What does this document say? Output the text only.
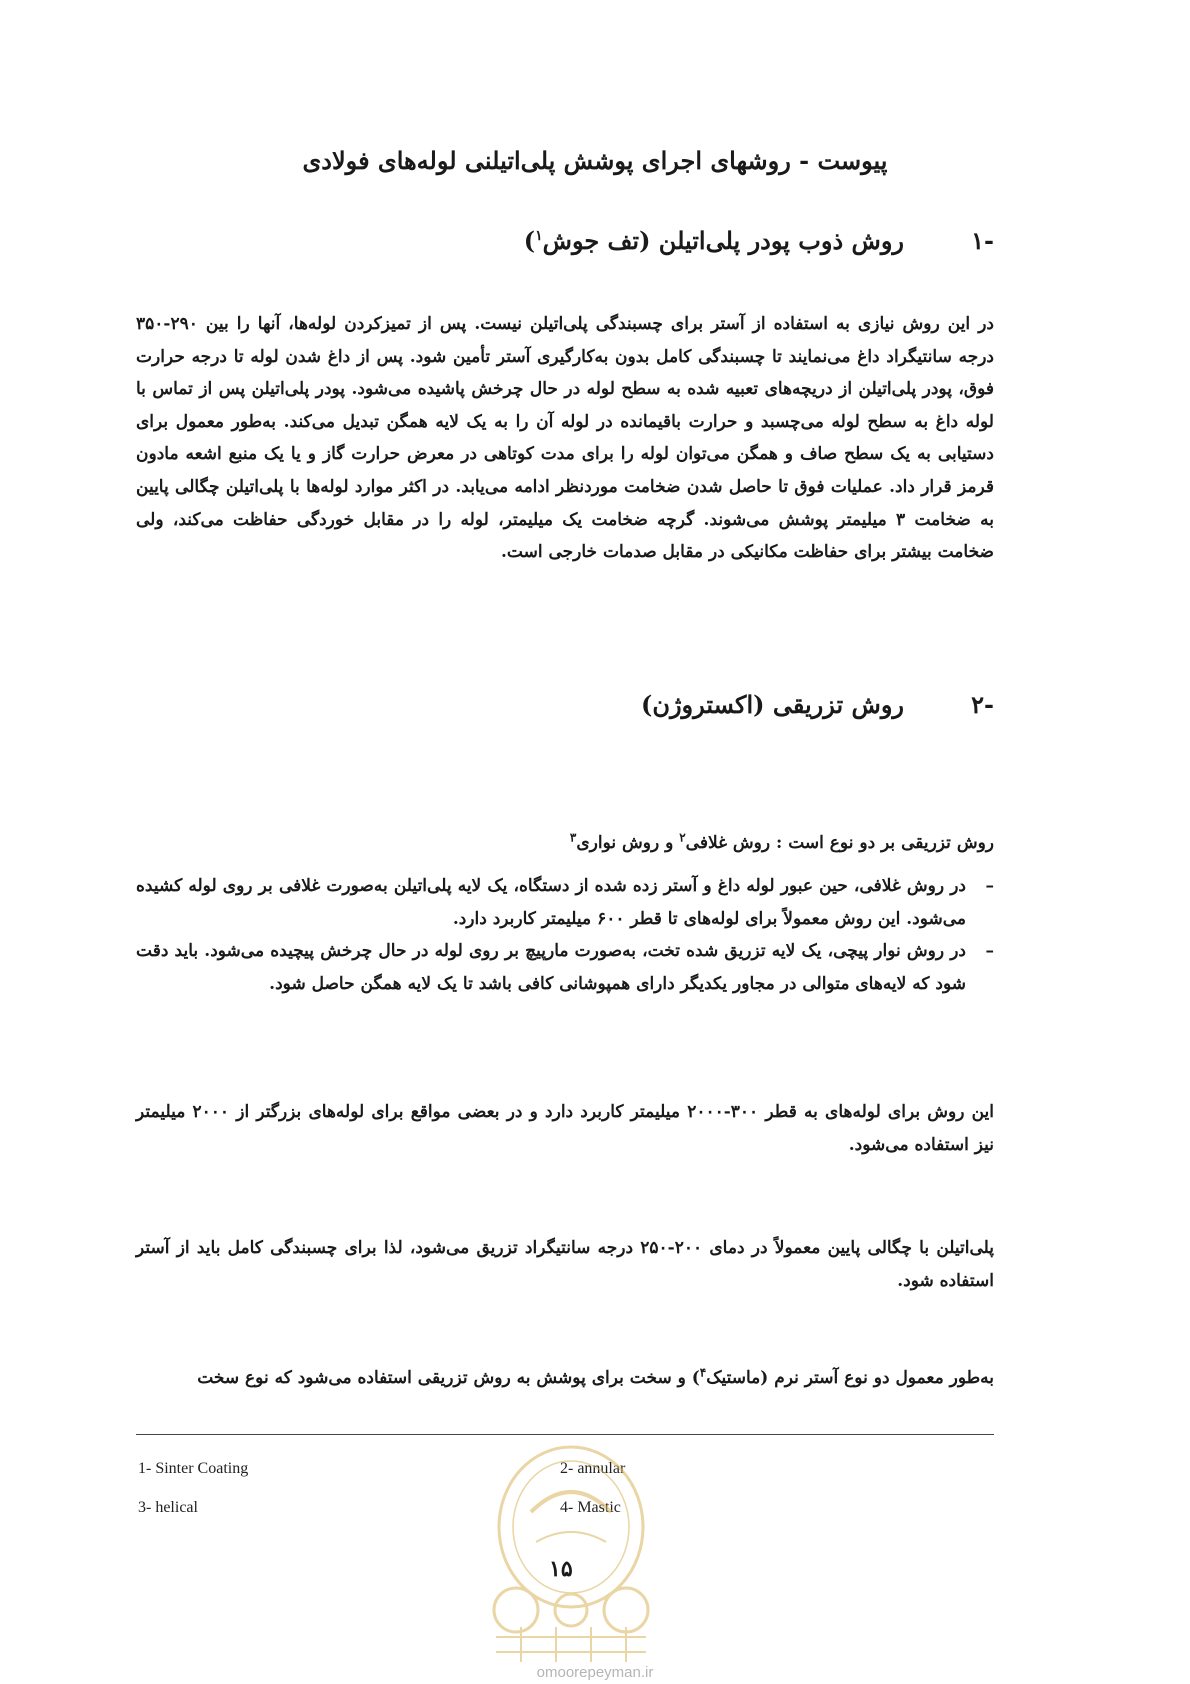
پیوست - روشهای اجرای پوشش پلی‌اتیلنی لوله‌های فولادی
-۱روش ذوب پودر پلی‌اتیلن (تف جوش$^۱$)
در این روش نیازی به استفاده از آستر برای چسبندگی پلی‌اتیلن نیست. پس از تمیزکردن لوله‌ها، آنها را بین ۲۹۰-۳۵۰ درجه سانتیگراد داغ می‌نمایند تا چسبندگی کامل بدون به‌کارگیری آستر تأمین شود. پس از داغ شدن لوله تا درجه حرارت فوق، پودر پلی‌اتیلن از دریچه‌های تعبیه شده به سطح لوله در حال چرخش پاشیده می‌شود. پودر پلی‌اتیلن پس از تماس با لوله داغ به سطح لوله می‌چسبد و حرارت باقیمانده در لوله آن را به یک لایه همگن تبدیل می‌کند. به‌طور معمول برای دستیابی به یک سطح صاف و همگن می‌توان لوله را برای مدت کوتاهی در معرض حرارت گاز و یا یک منبع اشعه مادون قرمز قرار داد. عملیات فوق تا حاصل شدن ضخامت موردنظر ادامه می‌یابد. در اکثر موارد لوله‌ها با پلی‌اتیلن چگالی پایین به ضخامت ۳ میلیمتر پوشش می‌شوند. گرچه ضخامت یک میلیمتر، لوله را در مقابل خوردگی حفاظت می‌کند، ولی ضخامت بیشتر برای حفاظت مکانیکی در مقابل صدمات خارجی است.
-۲روش تزریقی (اکستروژن)
روش تزریقی بر دو نوع است : روش غلافی$^۲$ و روش نواری$^۳$
–
در روش غلافی، حین عبور لوله داغ و آستر زده شده از دستگاه، یک لایه پلی‌اتیلن به‌صورت غلافی بر روی لوله کشیده می‌شود. این روش معمولاً برای لوله‌های تا قطر ۶۰۰ میلیمتر کاربرد دارد.
–
در روش نوار پیچی، یک لایه تزریق شده تخت، به‌صورت مارپیچ بر روی لوله در حال چرخش پیچیده می‌شود. باید دقت شود که لایه‌های متوالی در مجاور یکدیگر دارای همپوشانی کافی باشد تا یک لایه همگن حاصل شود.
این روش برای لوله‌های به قطر ۳۰۰-۲۰۰۰ میلیمتر کاربرد دارد و در بعضی مواقع برای لوله‌های بزرگتر از ۲۰۰۰ میلیمتر نیز استفاده می‌شود.
پلی‌اتیلن با چگالی پایین معمولاً در دمای ۲۰۰-۲۵۰ درجه سانتیگراد تزریق می‌شود، لذا برای چسبندگی کامل باید از آستر استفاده شود.
به‌طور معمول دو نوع آستر نرم (ماستیک$^۴$) و سخت برای پوشش به روش تزریقی استفاده می‌شود که نوع سخت
1- Sinter Coating	2- annular
3- helical	4- Mastic
۱۵
omoorepeyman.ir
